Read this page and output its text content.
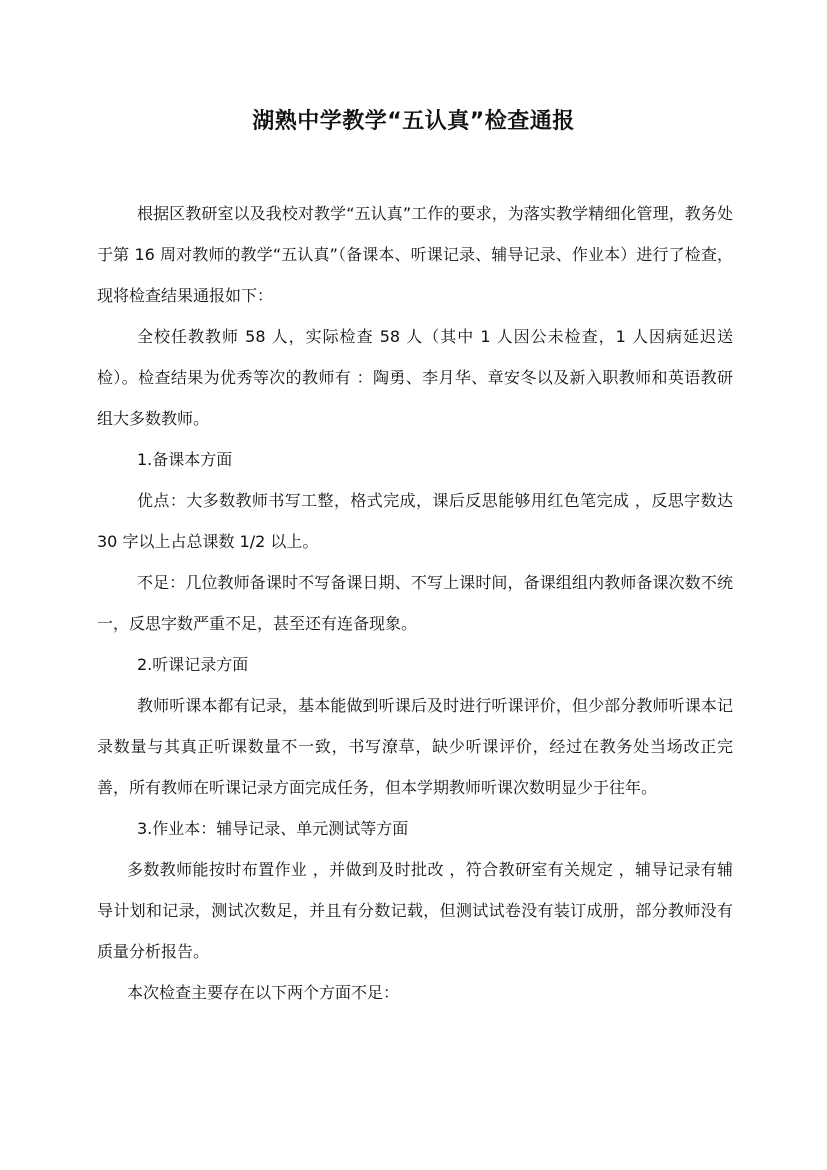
湖熟中学教学“五认真”检查通报

根据区教研室以及我校对教学“五认真”工作的要求，为落实教学精细化管理，教务处于第 16 周对教师的教学“五认真”（备课本、听课记录、辅导记录、作业本）进行了检查，现将检查结果通报如下：

全校任教教师 58 人，实际检查 58 人（其中 1 人因公未检查，1 人因病延迟送检）。检查结果为优秀等次的教师有 ：陶勇、李月华、章安冬以及新入职教师和英语教研组大多数教师。

1.备课本方面

优点：大多数教师书写工整，格式完成，课后反思能够用红色笔完成 ，反思字数达 30 字以上占总课数 1/2 以上。

不足：几位教师备课时不写备课日期、不写上课时间，备课组组内教师备课次数不统一，反思字数严重不足，甚至还有连备现象。

2.听课记录方面

教师听课本都有记录，基本能做到听课后及时进行听课评价，但少部分教师听课本记录数量与其真正听课数量不一致，书写潦草，缺少听课评价，经过在教务处当场改正完善，所有教师在听课记录方面完成任务，但本学期教师听课次数明显少于往年。

3.作业本：辅导记录、单元测试等方面

多数教师能按时布置作业 ，并做到及时批改 ，符合教研室有关规定 ，辅导记录有辅导计划和记录，测试次数足，并且有分数记载，但测试试卷没有装订成册，部分教师没有质量分析报告。

本次检查主要存在以下两个方面不足：
